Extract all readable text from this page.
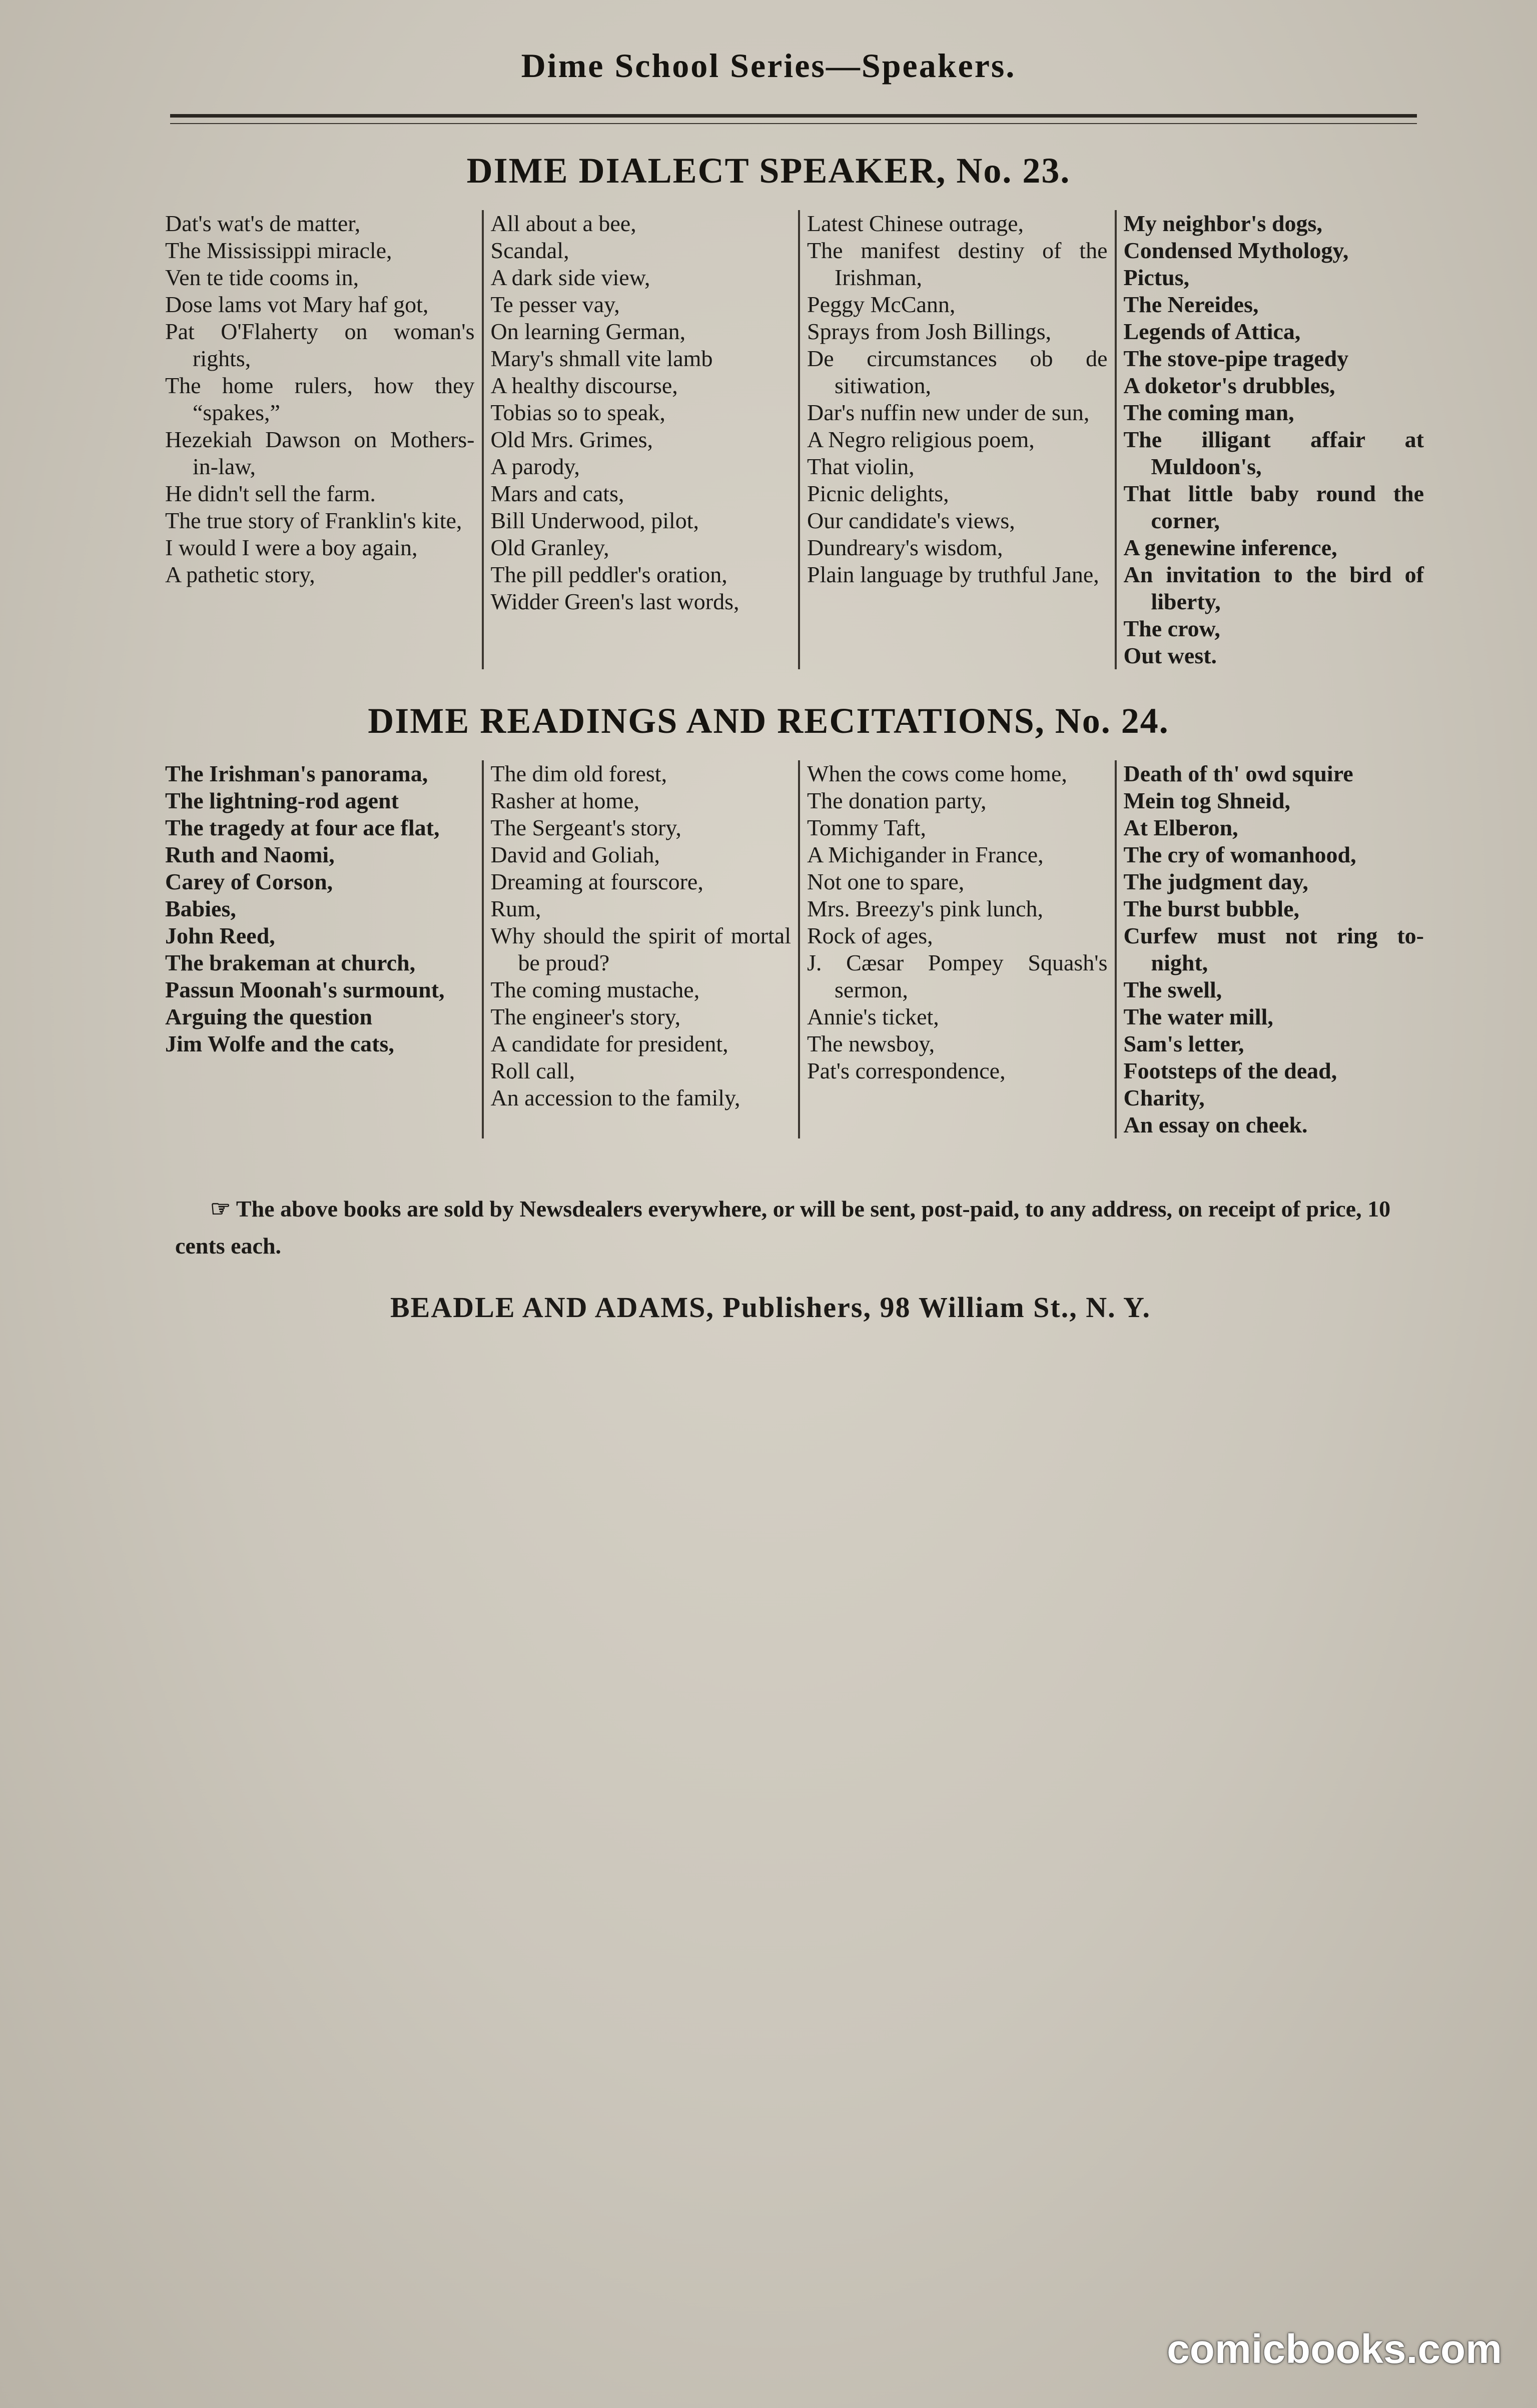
Dime School Series—Speakers.
DIME DIALECT SPEAKER, No. 23.
Dat's wat's de matter,
The Mississippi miracle,
Ven te tide cooms in,
Dose lams vot Mary haf got,
Pat O'Flaherty on woman's rights,
The home rulers, how they “spakes,”
Hezekiah Dawson on Mothers-in-law,
He didn't sell the farm.
The true story of Franklin's kite,
I would I were a boy again,
A pathetic story,
All about a bee,
Scandal,
A dark side view,
Te pesser vay,
On learning German,
Mary's shmall vite lamb
A healthy discourse,
Tobias so to speak,
Old Mrs. Grimes,
A parody,
Mars and cats,
Bill Underwood, pilot,
Old Granley,
The pill peddler's oration,
Widder Green's last words,
Latest Chinese outrage,
The manifest destiny of the Irishman,
Peggy McCann,
Sprays from Josh Billings,
De circumstances ob de sitiwation,
Dar's nuffin new under de sun,
A Negro religious poem,
That violin,
Picnic delights,
Our candidate's views,
Dundreary's wisdom,
Plain language by truthful Jane,
My neighbor's dogs,
Condensed Mythology,
Pictus,
The Nereides,
Legends of Attica,
The stove-pipe tragedy
A doketor's drubbles,
The coming man,
The illigant affair at Muldoon's,
That little baby round the corner,
A genewine inference,
An invitation to the bird of liberty,
The crow,
Out west.
DIME READINGS AND RECITATIONS, No. 24.
The Irishman's panorama,
The lightning-rod agent
The tragedy at four ace flat,
Ruth and Naomi,
Carey of Corson,
Babies,
John Reed,
The brakeman at church,
Passun Moonah's surmount,
Arguing the question
Jim Wolfe and the cats,
The dim old forest,
Rasher at home,
The Sergeant's story,
David and Goliah,
Dreaming at fourscore,
Rum,
Why should the spirit of mortal be proud?
The coming mustache,
The engineer's story,
A candidate for president,
Roll call,
An accession to the family,
When the cows come home,
The donation party,
Tommy Taft,
A Michigander in France,
Not one to spare,
Mrs. Breezy's pink lunch,
Rock of ages,
J. Cæsar Pompey Squash's sermon,
Annie's ticket,
The newsboy,
Pat's correspondence,
Death of th' owd squire
Mein tog Shneid,
At Elberon,
The cry of womanhood,
The judgment day,
The burst bubble,
Curfew must not ring to-night,
The swell,
The water mill,
Sam's letter,
Footsteps of the dead,
Charity,
An essay on cheek.
☞ The above books are sold by Newsdealers everywhere, or will be sent, post-paid, to any address, on receipt of price, 10 cents each.
BEADLE AND ADAMS, Publishers, 98 William St., N. Y.
comicbooks.com
